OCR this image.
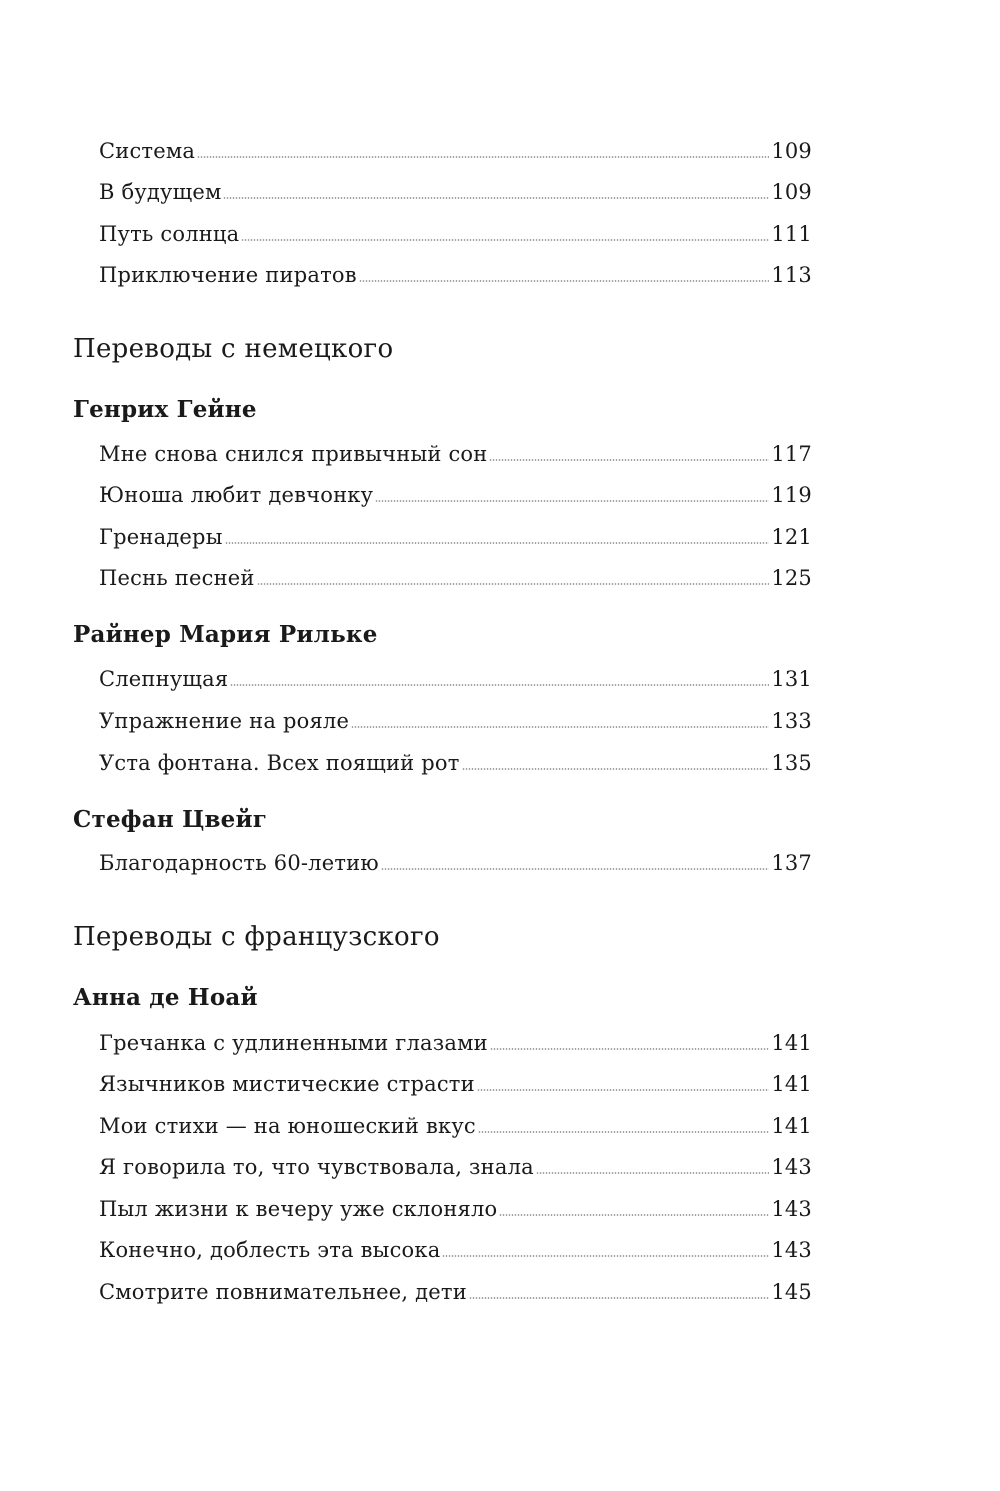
Система	109
В будущем	109
Путь солнца	111
Приключение пиратов	113
Переводы с немецкого
Генрих Гейне
Мне снова снился привычный сон	117
Юноша любит девчонку	119
Гренадеры	121
Песнь песней	125
Райнер Мария Рильке
Слепнущая	131
Упражнение на рояле	133
Уста фонтана. Всех поящий рот	135
Стефан Цвейг
Благодарность 60-летию	137
Переводы с французского
Анна де Ноай
Гречанка с удлиненными глазами	141
Язычников мистические страсти	141
Мои стихи — на юношеский вкус	141
Я говорила то, что чувствовала, знала	143
Пыл жизни к вечеру уже склоняло	143
Конечно, доблесть эта высока	143
Смотрите повнимательнее, дети	145
